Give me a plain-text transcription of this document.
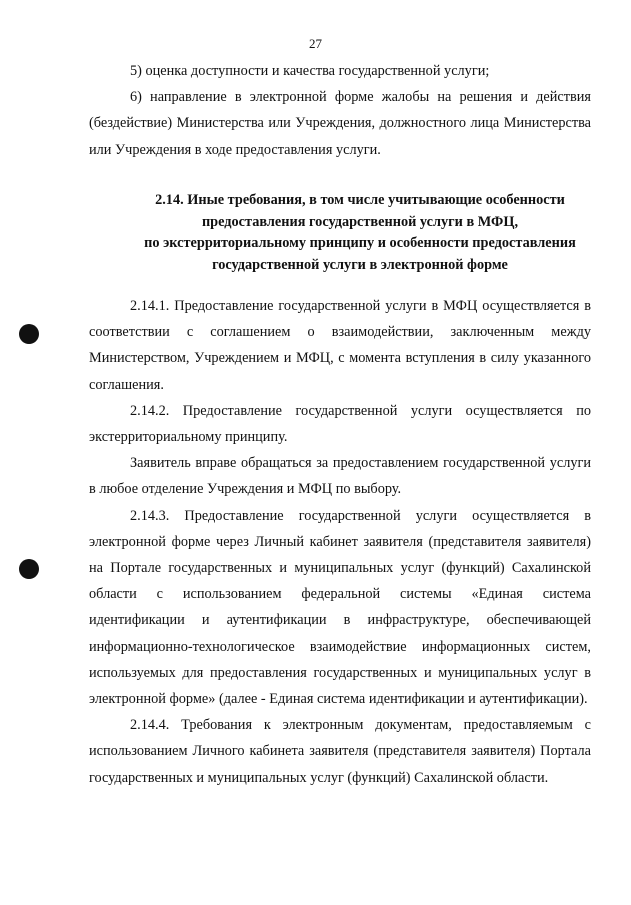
27
5) оценка доступности и качества государственной услуги;
6) направление в электронной форме жалобы на решения и действия (бездействие) Министерства или Учреждения, должностного лица Министерства или Учреждения в ходе предоставления услуги.
2.14. Иные требования, в том числе учитывающие особенности
предоставления государственной услуги в МФЦ,
по экстерриториальному принципу и особенности предоставления
государственной услуги в электронной форме
2.14.1. Предоставление государственной услуги в МФЦ осуществляется в соответствии с соглашением о взаимодействии, заключенным между Министерством, Учреждением и МФЦ, с момента вступления в силу указанного соглашения.
2.14.2. Предоставление государственной услуги осуществляется по экстерриториальному принципу.
Заявитель вправе обращаться за предоставлением государственной услуги в любое отделение Учреждения и МФЦ по выбору.
2.14.3. Предоставление государственной услуги осуществляется в электронной форме через Личный кабинет заявителя (представителя заявителя) на Портале государственных и муниципальных услуг (функций) Сахалинской области с использованием федеральной системы «Единая система идентификации и аутентификации в инфраструктуре, обеспечивающей информационно-технологическое взаимодействие информационных систем, используемых для предоставления государственных и муниципальных услуг в электронной форме» (далее - Единая система идентификации и аутентификации).
2.14.4. Требования к электронным документам, предоставляемым с использованием Личного кабинета заявителя (представителя заявителя) Портала государственных и муниципальных услуг (функций) Сахалинской области.
